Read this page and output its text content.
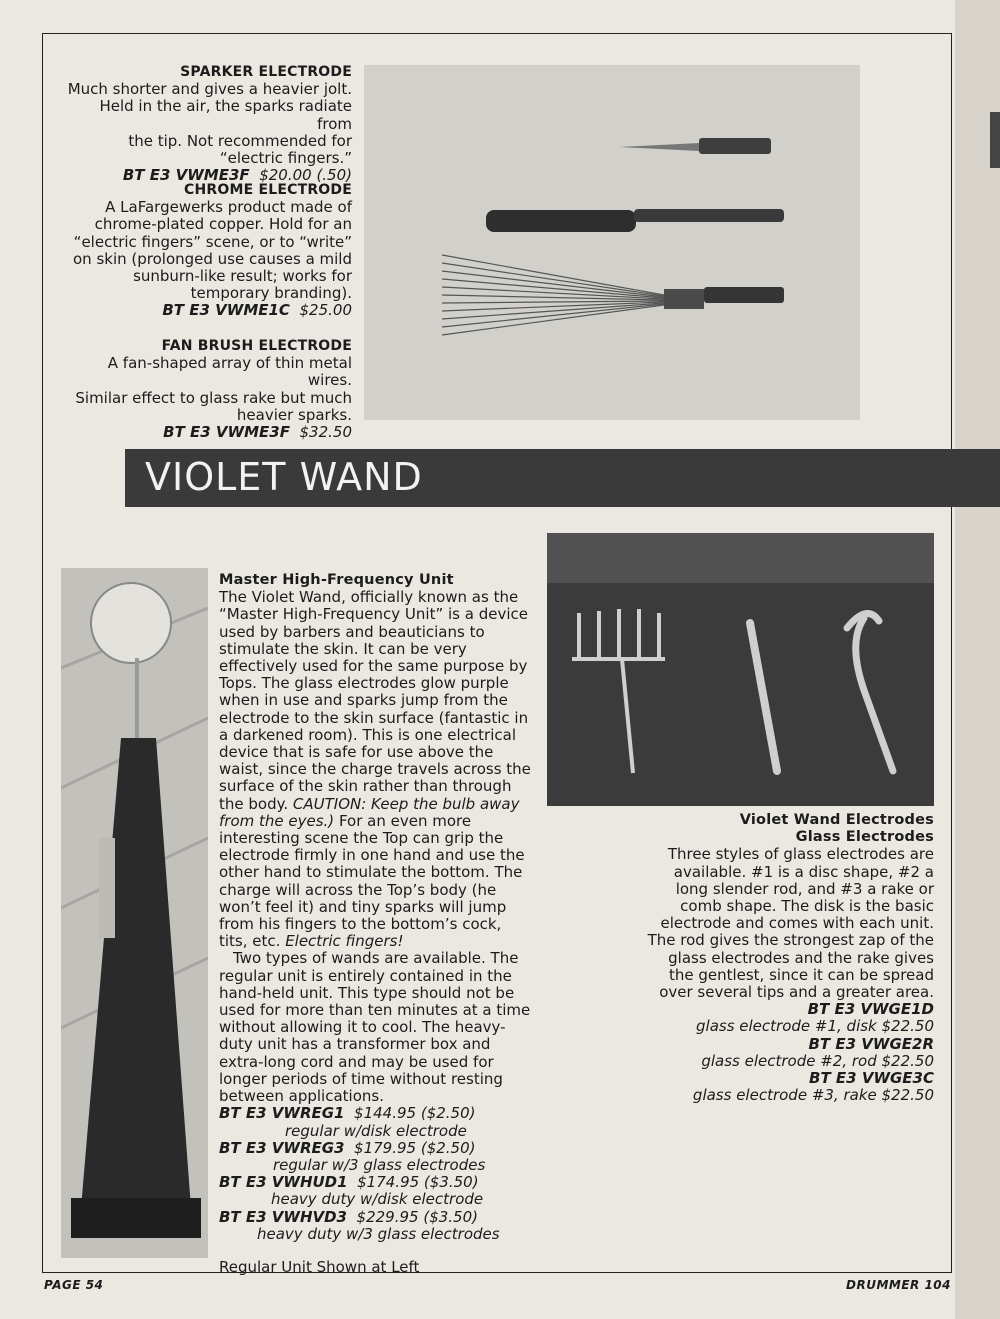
SPARKER ELECTRODE
Much shorter and gives a heavier jolt.
Held in the air, the sparks radiate from
the tip. Not recommended for
“electric fingers.”
BT E3 VWME3F $20.00 (.50)
CHROME ELECTRODE
A LaFargewerks product made of
chrome-plated copper. Hold for an
“electric fingers” scene, or to “write”
on skin (prolonged use causes a mild
sunburn-like result; works for
temporary branding).
BT E3 VWME1C $25.00
FAN BRUSH ELECTRODE
A fan-shaped array of thin metal wires.
Similar effect to glass rake but much
heavier sparks.
BT E3 VWME3F $32.50
VIOLET WAND
Master High-Frequency Unit
The Violet Wand, officially known as the “Master High-Frequency Unit” is a device used by barbers and beauticians to stimulate the skin. It can be very effectively used for the same purpose by Tops. The glass electrodes glow purple when in use and sparks jump from the electrode to the skin surface (fantastic in a darkened room). This is one electrical device that is safe for use above the waist, since the charge travels across the surface of the skin rather than through the body. CAUTION: Keep the bulb away from the eyes.) For an even more interesting scene the Top can grip the electrode firmly in one hand and use the other hand to stimulate the bottom. The charge will across the Top’s body (he won’t feel it) and tiny sparks will jump from his fingers to the bottom’s cock, tits, etc. Electric fingers!
Two types of wands are available. The regular unit is entirely contained in the hand-held unit. This type should not be used for more than ten minutes at a time without allowing it to cool. The heavy-duty unit has a transformer box and extra-long cord and may be used for longer periods of time without resting between applications.
BT E3 VWREG1 $144.95 ($2.50)
regular w/disk electrode
BT E3 VWREG3 $179.95 ($2.50)
regular w/3 glass electrodes
BT E3 VWHUD1 $174.95 ($3.50)
heavy duty w/disk electrode
BT E3 VWHVD3 $229.95 ($3.50)
heavy duty w/3 glass electrodes
Regular Unit Shown at Left
Violet Wand Electrodes
Glass Electrodes
Three styles of glass electrodes are
available. #1 is a disc shape, #2 a
long slender rod, and #3 a rake or
comb shape. The disk is the basic
electrode and comes with each unit.
The rod gives the strongest zap of the
glass electrodes and the rake gives
the gentlest, since it can be spread
over several tips and a greater area.
BT E3 VWGE1D
glass electrode #1, disk $22.50
BT E3 VWGE2R
glass electrode #2, rod $22.50
BT E3 VWGE3C
glass electrode #3, rake $22.50
PAGE 54	DRUMMER 104
